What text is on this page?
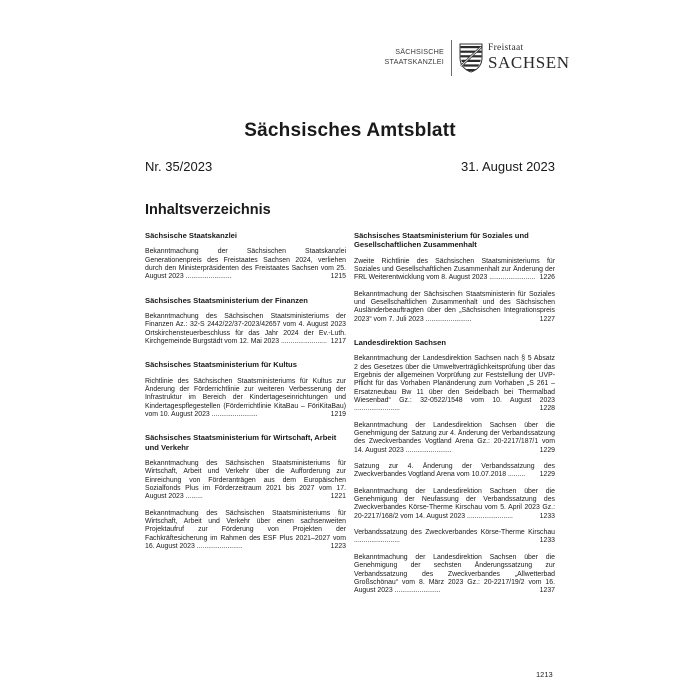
SÄCHSISCHE
STAATSKANZLEI
Freistaat
SACHSEN
Sächsisches Amtsblatt
Nr. 35/2023	31. August 2023
Inhaltsverzeichnis
Sächsische Staatskanzlei
Bekanntmachung der Sächsischen Staatskanzlei Generationenpreis des Freistaates Sachsen 2024, verliehen durch den Ministerpräsidenten des Freistaates Sachsen vom 25. August 2023 ........................	1215
Sächsisches Staatsministerium der Finanzen
Bekanntmachung des Sächsischen Staatsministeriums der Finanzen Az.: 32-S 2442/22/37-2023/42657 vom 4. August 2023 Ortskirchensteuerbeschluss für das Jahr 2024 der Ev.-Luth. Kirchgemeinde Burgstädt vom 12. Mai 2023 ........................ 1217
Sächsisches Staatsministerium für Kultus
Richtlinie des Sächsischen Staatsministeriums für Kultus zur Änderung der Förderrichtlinie zur weiteren Verbesserung der Infrastruktur im Bereich der Kindertageseinrichtungen und Kindertagespflegestellen (Förderrichtlinie KitaBau – FöriKitaBau) vom 10. August 2023 ........................	1219
Sächsisches Staatsministerium für Wirtschaft, Arbeit und Verkehr
Bekanntmachung des Sächsischen Staatsministeriums für Wirtschaft, Arbeit und Verkehr über die Aufforderung zur Einreichung von Förderanträgen aus dem Europäischen Sozialfonds Plus im Förderzeitraum 2021 bis 2027 vom 17. August 2023 .........	1221
Bekanntmachung des Sächsischen Staatsministeriums für Wirtschaft, Arbeit und Verkehr über einen sachsenweiten Projektaufruf zur Förderung von Projekten der Fachkräftesicherung im Rahmen des ESF Plus 2021–2027 vom 16. August 2023 ........................	1223
Sächsisches Staatsministerium für Soziales und Gesellschaftlichen Zusammenhalt
Zweite Richtlinie des Sächsischen Staatsministeriums für Soziales und Gesellschaftlichen Zusammenhalt zur Änderung der FRL Weiterentwicklung vom 8. August 2023 ........................ 1226
Bekanntmachung der Sächsischen Staatsministerin für Soziales und Gesellschaftlichen Zusammenhalt und des Sächsischen Ausländerbeauftragten über den „Sächsischen Integrationspreis 2023“ vom 7. Juli 2023 ........................	1227
Landesdirektion Sachsen
Bekanntmachung der Landesdirektion Sachsen nach § 5 Absatz 2 des Gesetzes über die Umweltverträglichkeitsprüfung über das Ergebnis der allgemeinen Vorprüfung zur Feststellung der UVP-Pflicht für das Vorhaben Planänderung zum Vorhaben „S 261 – Ersatzneubau Bw 11 über den Seidelbach bei Thermalbad Wiesenbad“ Gz.: 32-0522/1548 vom 10. August 2023 ........................	1228
Bekanntmachung der Landesdirektion Sachsen über die Genehmigung der Satzung zur 4. Änderung der Verbandssatzung des Zweckverbandes Vogtland Arena Gz.: 20-2217/187/1 vom 14. August 2023 ........................	1229
Satzung zur 4. Änderung der Verbandssatzung des Zweckverbandes Vogtland Arena vom 10.07.2018 .........	1229
Bekanntmachung der Landesdirektion Sachsen über die Genehmigung der Neufassung der Verbandssatzung des Zweckverbandes Körse-Therme Kirschau vom 5. April 2023 Gz.: 20-2217/168/2 vom 14. August 2023 ........................	1233
Verbandssatzung des Zweckverbandes Körse-Therme Kirschau ........................	1233
Bekanntmachung der Landesdirektion Sachsen über die Genehmigung der sechsten Änderungssatzung zur Verbandssatzung des Zweckverbandes „Allwetterbad Großschönau“ vom 8. März 2023 Gz.: 20-2217/19/2 vom 16. August 2023 ........................	1237
1213
